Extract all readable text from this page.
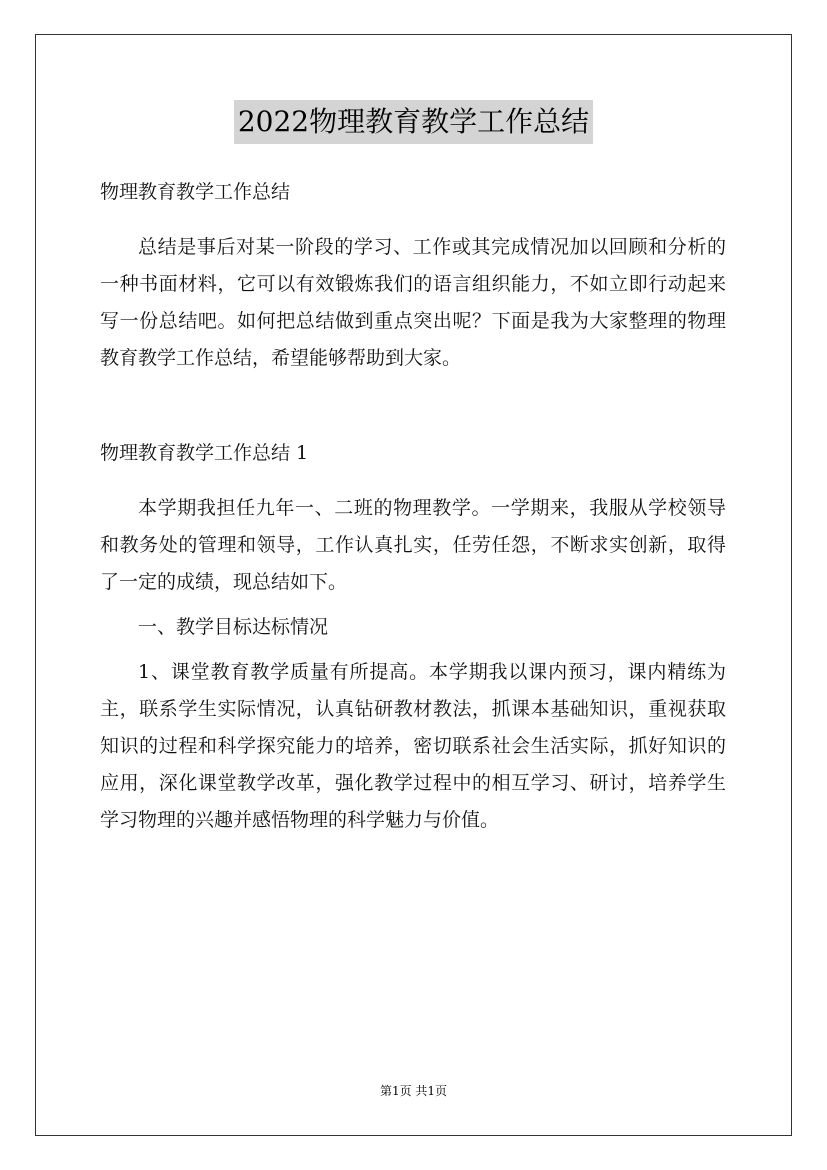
2022物理教育教学工作总结

物理教育教学工作总结

总结是事后对某一阶段的学习、工作或其完成情况加以回顾和分析的一种书面材料，它可以有效锻炼我们的语言组织能力，不如立即行动起来写一份总结吧。如何把总结做到重点突出呢？下面是我为大家整理的物理教育教学工作总结，希望能够帮助到大家。

物理教育教学工作总结 1

本学期我担任九年一、二班的物理教学。一学期来，我服从学校领导和教务处的管理和领导，工作认真扎实，任劳任怨，不断求实创新，取得了一定的成绩，现总结如下。

一、教学目标达标情况

1、课堂教育教学质量有所提高。本学期我以课内预习，课内精练为主，联系学生实际情况，认真钻研教材教法，抓课本基础知识，重视获取知识的过程和科学探究能力的培养，密切联系社会生活实际，抓好知识的应用，深化课堂教学改革，强化教学过程中的相互学习、研讨，培养学生学习物理的兴趣并感悟物理的科学魅力与价值。

第1页 共1页
